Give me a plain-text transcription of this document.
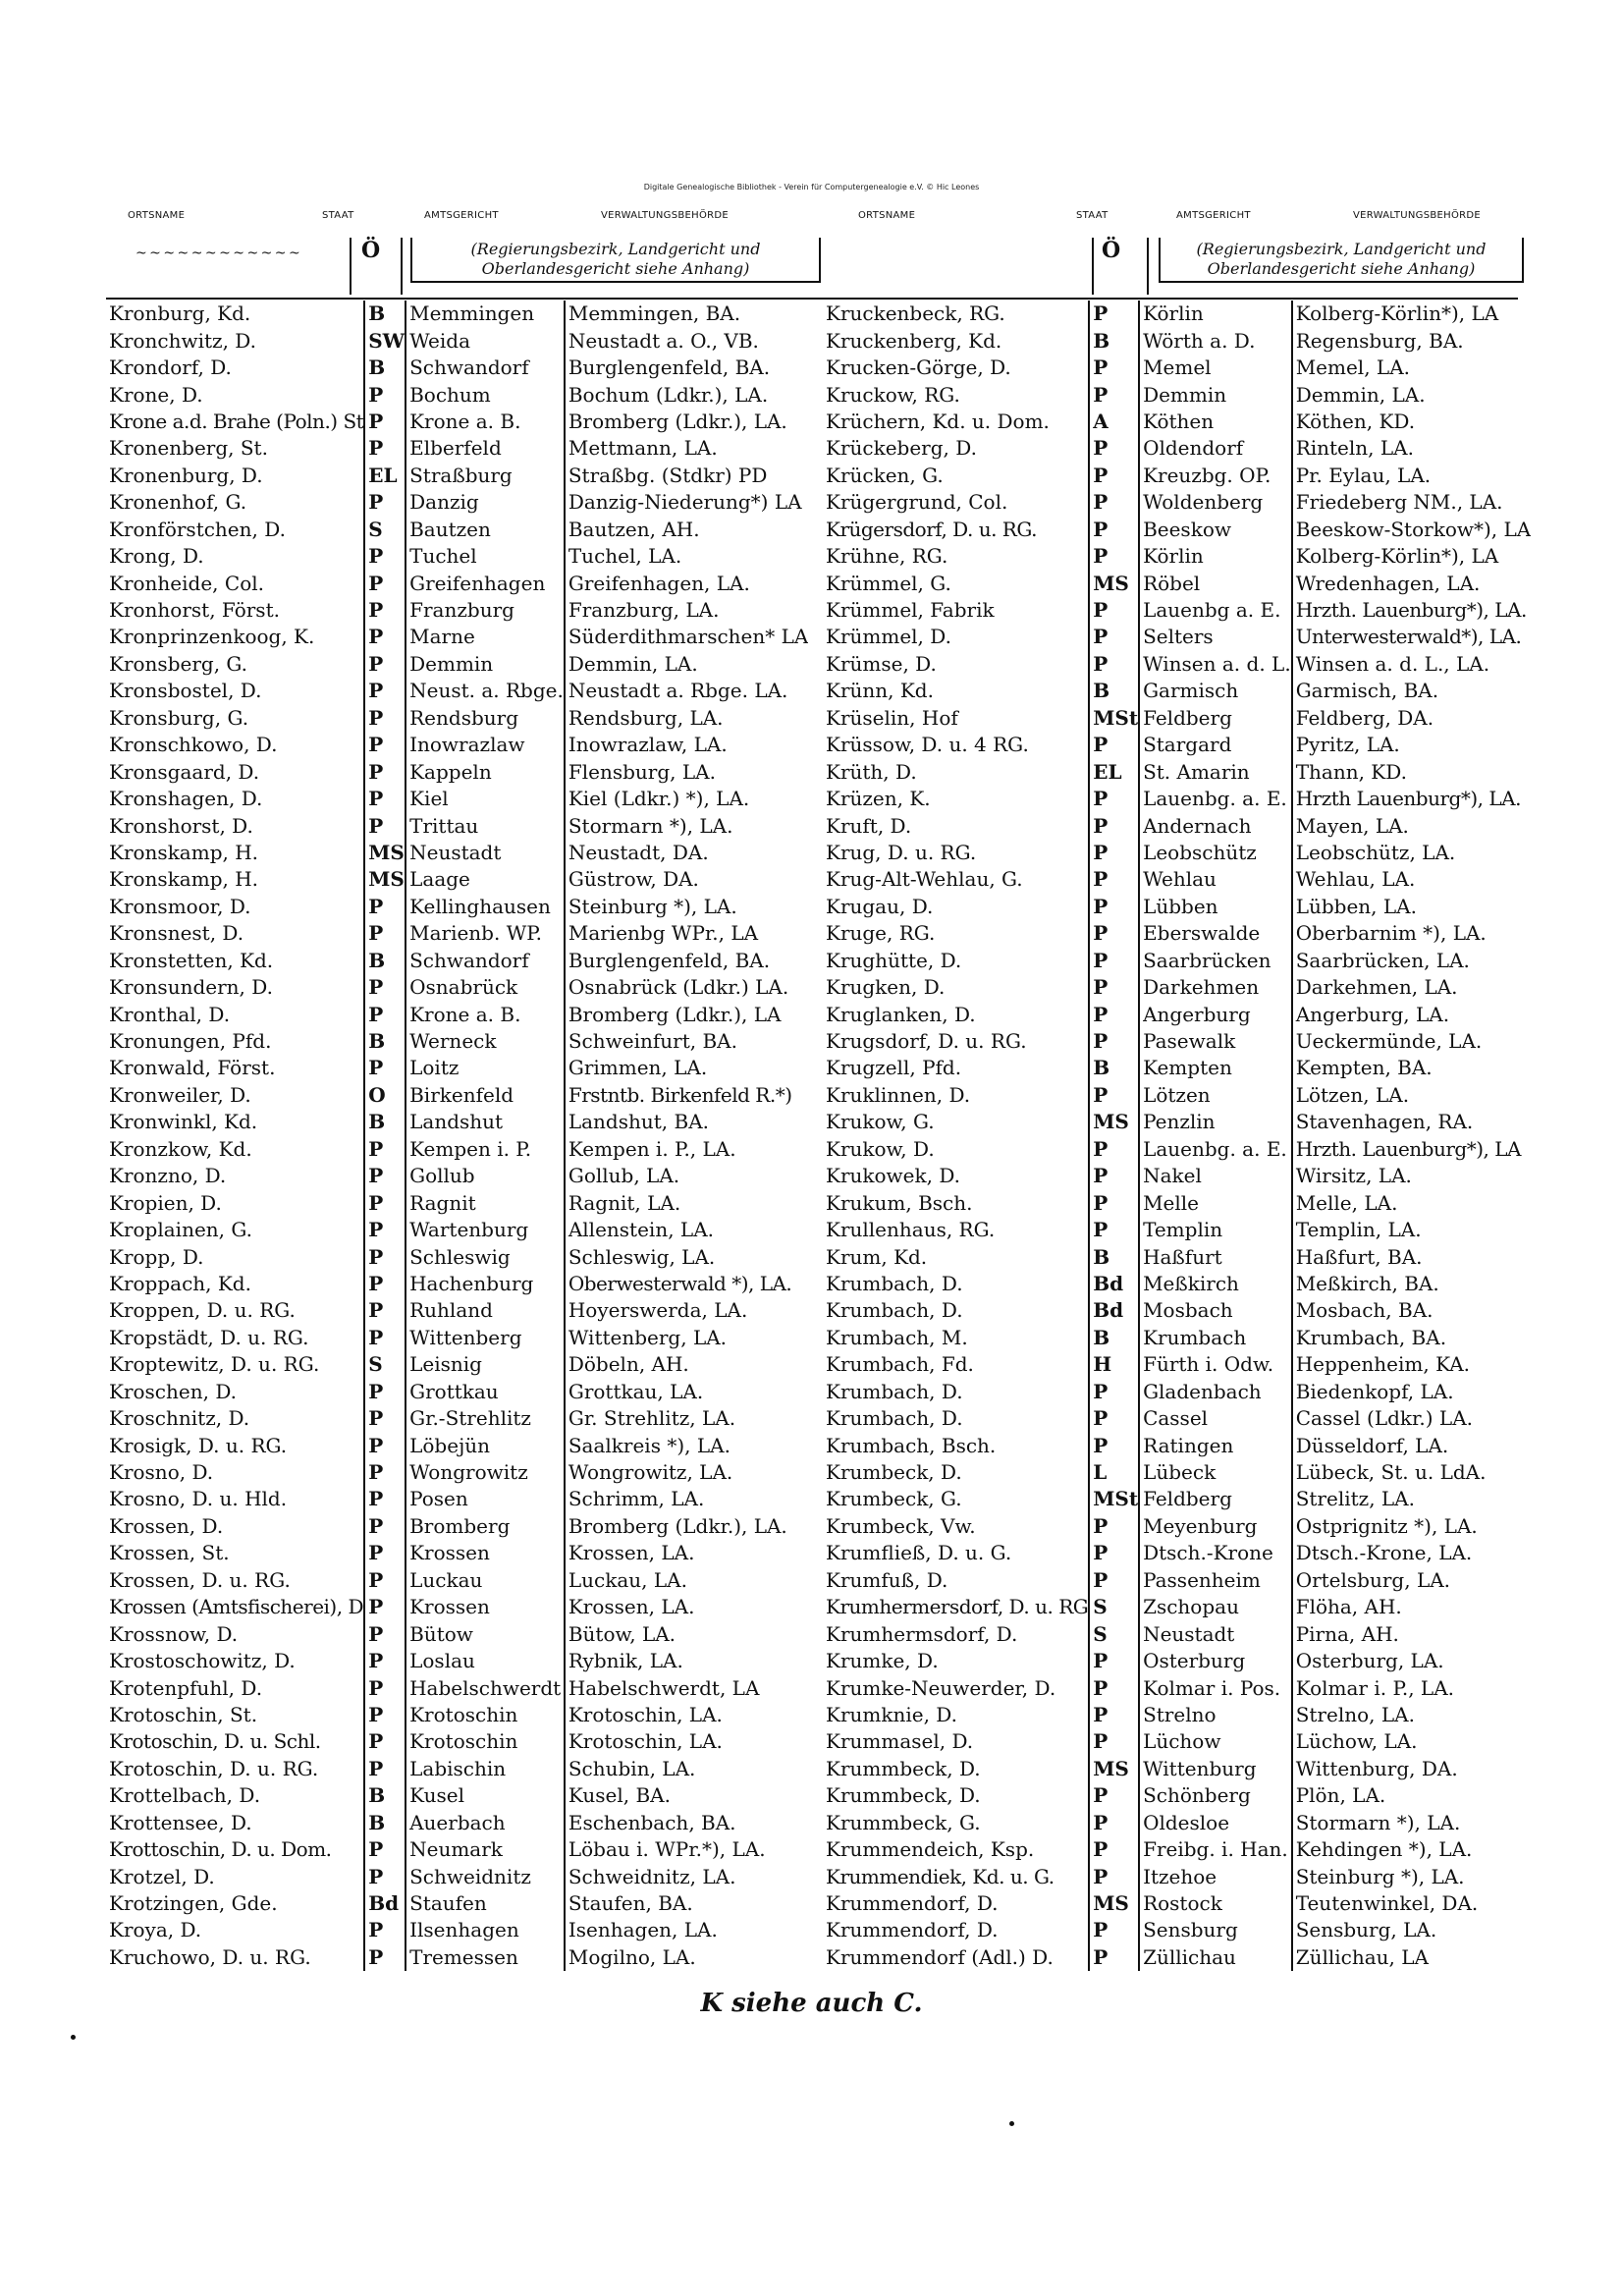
Digitale Genealogische Bibliothek - Verein für Computergenealogie e.V. © Hic Leones
ORTSNAME	STAAT	AMTSGERICHT	VERWALTUNGSBEHÖRDE	ORTSNAME	STAAT	AMTSGERICHT	VERWALTUNGSBEHÖRDE
~ ~ ~ ~ ~ ~ ~ ~ ~ ~ ~ ~	Ö	(Regierungsbezirk, Landgericht und Oberlandesgericht siehe Anhang)
Ö	(Regierungsbezirk, Landgericht und Oberlandesgericht siehe Anhang)
Kronburg, Kd.	B	Memmingen	Memmingen, BA.
Kronchwitz, D.	SW	Weida	Neustadt a. O., VB.
Krondorf, D.	B	Schwandorf	Burglengenfeld, BA.
Krone, D.	P	Bochum	Bochum (Ldkr.), LA.
Krone a.d. Brahe (Poln.) St	P	Krone a. B.	Bromberg (Ldkr.), LA.
Kronenberg, St.	P	Elberfeld	Mettmann, LA.
Kronenburg, D.	EL	Straßburg	Straßbg. (Stdkr) PD
Kronenhof, G.	P	Danzig	Danzig-Niederung*) LA
Kronförstchen, D.	S	Bautzen	Bautzen, AH.
Krong, D.	P	Tuchel	Tuchel, LA.
Kronheide, Col.	P	Greifenhagen	Greifenhagen, LA.
Kronhorst, Först.	P	Franzburg	Franzburg, LA.
Kronprinzenkoog, K.	P	Marne	Süderdithmarschen* LA
Kronsberg, G.	P	Demmin	Demmin, LA.
Kronsbostel, D.	P	Neust. a. Rbge.	Neustadt a. Rbge. LA.
Kronsburg, G.	P	Rendsburg	Rendsburg, LA.
Kronschkowo, D.	P	Inowrazlaw	Inowrazlaw, LA.
Kronsgaard, D.	P	Kappeln	Flensburg, LA.
Kronshagen, D.	P	Kiel	Kiel (Ldkr.) *), LA.
Kronshorst, D.	P	Trittau	Stormarn *), LA.
Kronskamp, H.	MS	Neustadt	Neustadt, DA.
Kronskamp, H.	MS	Laage	Güstrow, DA.
Kronsmoor, D.	P	Kellinghausen	Steinburg *), LA.
Kronsnest, D.	P	Marienb. WP.	Marienbg WPr., LA
Kronstetten, Kd.	B	Schwandorf	Burglengenfeld, BA.
Kronsundern, D.	P	Osnabrück	Osnabrück (Ldkr.) LA.
Kronthal, D.	P	Krone a. B.	Bromberg (Ldkr.), LA
Kronungen, Pfd.	B	Werneck	Schweinfurt, BA.
Kronwald, Först.	P	Loitz	Grimmen, LA.
Kronweiler, D.	O	Birkenfeld	Frstntb. Birkenfeld R.*)
Kronwinkl, Kd.	B	Landshut	Landshut, BA.
Kronzkow, Kd.	P	Kempen i. P.	Kempen i. P., LA.
Kronzno, D.	P	Gollub	Gollub, LA.
Kropien, D.	P	Ragnit	Ragnit, LA.
Kroplainen, G.	P	Wartenburg	Allenstein, LA.
Kropp, D.	P	Schleswig	Schleswig, LA.
Kroppach, Kd.	P	Hachenburg	Oberwesterwald *), LA.
Kroppen, D. u. RG.	P	Ruhland	Hoyerswerda, LA.
Kropstädt, D. u. RG.	P	Wittenberg	Wittenberg, LA.
Kroptewitz, D. u. RG.	S	Leisnig	Döbeln, AH.
Kroschen, D.	P	Grottkau	Grottkau, LA.
Kroschnitz, D.	P	Gr.-Strehlitz	Gr. Strehlitz, LA.
Krosigk, D. u. RG.	P	Löbejün	Saalkreis *), LA.
Krosno, D.	P	Wongrowitz	Wongrowitz, LA.
Krosno, D. u. Hld.	P	Posen	Schrimm, LA.
Krossen, D.	P	Bromberg	Bromberg (Ldkr.), LA.
Krossen, St.	P	Krossen	Krossen, LA.
Krossen, D. u. RG.	P	Luckau	Luckau, LA.
Krossen (Amtsfischerei), D	P	Krossen	Krossen, LA.
Krossnow, D.	P	Bütow	Bütow, LA.
Krostoschowitz, D.	P	Loslau	Rybnik, LA.
Krotenpfuhl, D.	P	Habelschwerdt	Habelschwerdt, LA
Krotoschin, St.	P	Krotoschin	Krotoschin, LA.
Krotoschin, D. u. Schl.	P	Krotoschin	Krotoschin, LA.
Krotoschin, D. u. RG.	P	Labischin	Schubin, LA.
Krottelbach, D.	B	Kusel	Kusel, BA.
Krottensee, D.	B	Auerbach	Eschenbach, BA.
Krottoschin, D. u. Dom.	P	Neumark	Löbau i. WPr.*), LA.
Krotzel, D.	P	Schweidnitz	Schweidnitz, LA.
Krotzingen, Gde.	Bd	Staufen	Staufen, BA.
Kroya, D.	P	Ilsenhagen	Isenhagen, LA.
Kruchowo, D. u. RG.	P	Tremessen	Mogilno, LA.
Kruckenbeck, RG.	P	Körlin	Kolberg-Körlin*), LA
Kruckenberg, Kd.	B	Wörth a. D.	Regensburg, BA.
Krucken-Görge, D.	P	Memel	Memel, LA.
Kruckow, RG.	P	Demmin	Demmin, LA.
Krüchern, Kd. u. Dom.	A	Köthen	Köthen, KD.
Krückeberg, D.	P	Oldendorf	Rinteln, LA.
Krücken, G.	P	Kreuzbg. OP.	Pr. Eylau, LA.
Krügergrund, Col.	P	Woldenberg	Friedeberg NM., LA.
Krügersdorf, D. u. RG.	P	Beeskow	Beeskow-Storkow*), LA
Krühne, RG.	P	Körlin	Kolberg-Körlin*), LA
Krümmel, G.	MS	Röbel	Wredenhagen, LA.
Krümmel, Fabrik	P	Lauenbg a. E.	Hrzth. Lauenburg*), LA.
Krümmel, D.	P	Selters	Unterwesterwald*), LA.
Krümse, D.	P	Winsen a. d. L.	Winsen a. d. L., LA.
Krünn, Kd.	B	Garmisch	Garmisch, BA.
Krüselin, Hof	MSt	Feldberg	Feldberg, DA.
Krüssow, D. u. 4 RG.	P	Stargard	Pyritz, LA.
Krüth, D.	EL	St. Amarin	Thann, KD.
Krüzen, K.	P	Lauenbg. a. E.	Hrzth Lauenburg*), LA.
Kruft, D.	P	Andernach	Mayen, LA.
Krug, D. u. RG.	P	Leobschütz	Leobschütz, LA.
Krug-Alt-Wehlau, G.	P	Wehlau	Wehlau, LA.
Krugau, D.	P	Lübben	Lübben, LA.
Kruge, RG.	P	Eberswalde	Oberbarnim *), LA.
Krughütte, D.	P	Saarbrücken	Saarbrücken, LA.
Krugken, D.	P	Darkehmen	Darkehmen, LA.
Kruglanken, D.	P	Angerburg	Angerburg, LA.
Krugsdorf, D. u. RG.	P	Pasewalk	Ueckermünde, LA.
Krugzell, Pfd.	B	Kempten	Kempten, BA.
Kruklinnen, D.	P	Lötzen	Lötzen, LA.
Krukow, G.	MS	Penzlin	Stavenhagen, RA.
Krukow, D.	P	Lauenbg. a. E.	Hrzth. Lauenburg*), LA
Krukowek, D.	P	Nakel	Wirsitz, LA.
Krukum, Bsch.	P	Melle	Melle, LA.
Krullenhaus, RG.	P	Templin	Templin, LA.
Krum, Kd.	B	Haßfurt	Haßfurt, BA.
Krumbach, D.	Bd	Meßkirch	Meßkirch, BA.
Krumbach, D.	Bd	Mosbach	Mosbach, BA.
Krumbach, M.	B	Krumbach	Krumbach, BA.
Krumbach, Fd.	H	Fürth i. Odw.	Heppenheim, KA.
Krumbach, D.	P	Gladenbach	Biedenkopf, LA.
Krumbach, D.	P	Cassel	Cassel (Ldkr.) LA.
Krumbach, Bsch.	P	Ratingen	Düsseldorf, LA.
Krumbeck, D.	L	Lübeck	Lübeck, St. u. LdA.
Krumbeck, G.	MSt	Feldberg	Strelitz, LA.
Krumbeck, Vw.	P	Meyenburg	Ostprignitz *), LA.
Krumfließ, D. u. G.	P	Dtsch.-Krone	Dtsch.-Krone, LA.
Krumfuß, D.	P	Passenheim	Ortelsburg, LA.
Krumhermersdorf, D. u. RG	S	Zschopau	Flöha, AH.
Krumhermsdorf, D.	S	Neustadt	Pirna, AH.
Krumke, D.	P	Osterburg	Osterburg, LA.
Krumke-Neuwerder, D.	P	Kolmar i. Pos.	Kolmar i. P., LA.
Krumknie, D.	P	Strelno	Strelno, LA.
Krummasel, D.	P	Lüchow	Lüchow, LA.
Krummbeck, D.	MS	Wittenburg	Wittenburg, DA.
Krummbeck, D.	P	Schönberg	Plön, LA.
Krummbeck, G.	P	Oldesloe	Stormarn *), LA.
Krummendeich, Ksp.	P	Freibg. i. Han.	Kehdingen *), LA.
Krummendiek, Kd. u. G.	P	Itzehoe	Steinburg *), LA.
Krummendorf, D.	MS	Rostock	Teutenwinkel, DA.
Krummendorf, D.	P	Sensburg	Sensburg, LA.
Krummendorf (Adl.) D.	P	Züllichau	Züllichau, LA
K siehe auch C.
